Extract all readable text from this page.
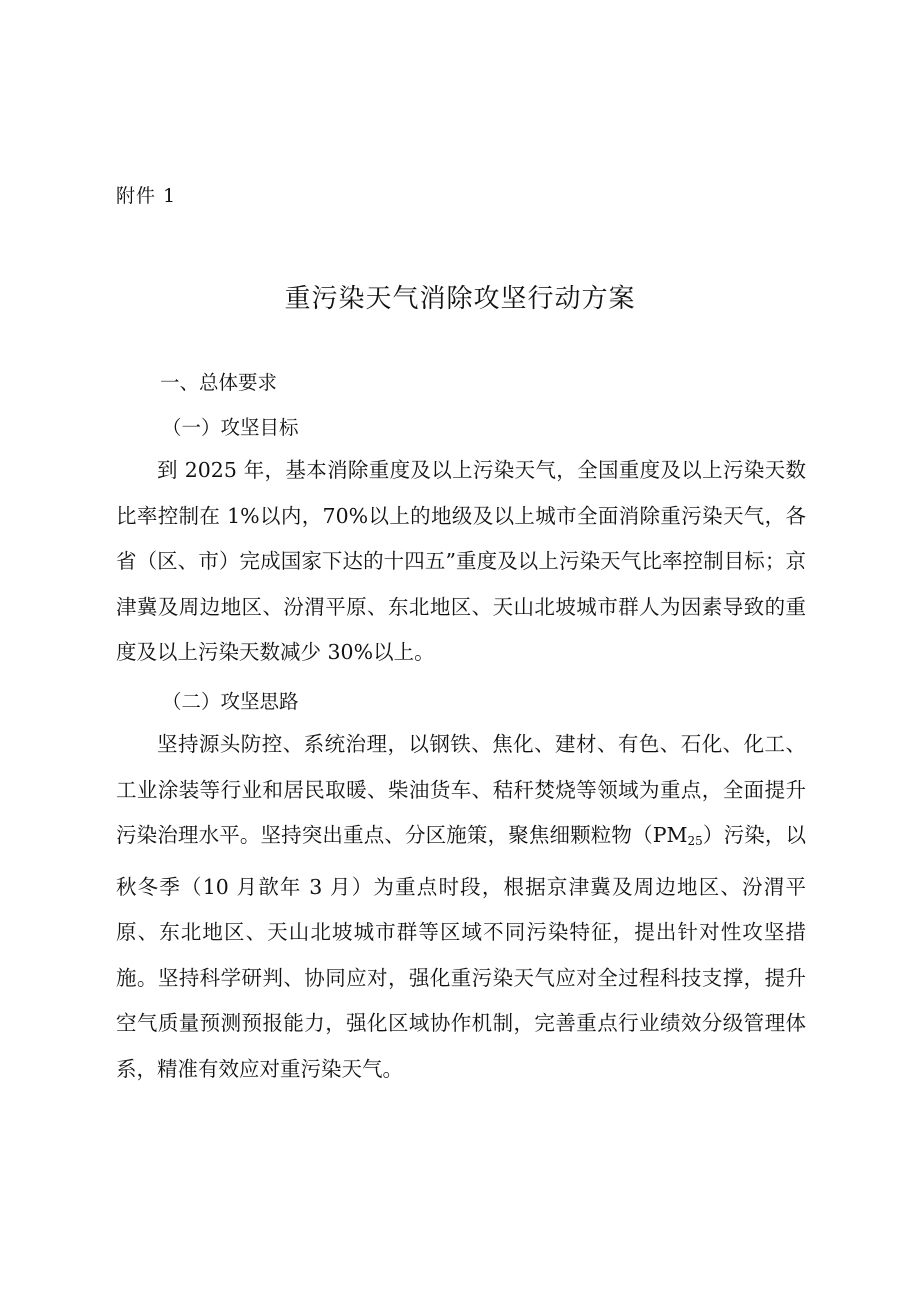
附件 1

重污染天气消除攻坚行动方案
一、总体要求
（一）攻坚目标

到 2025 年，基本消除重度及以上污染天气，全国重度及以上污染天数比率控制在 1%以内，70%以上的地级及以上城市全面消除重污染天气，各省（区、市）完成国家下达的十四五”重度及以上污染天气比率控制目标；京津冀及周边地区、汾渭平原、东北地区、天山北坡城市群人为因素导致的重度及以上污染天数减少 30%以上。

（二）攻坚思路

坚持源头防控、系统治理，以钢铁、焦化、建材、有色、石化、化工、工业涂装等行业和居民取暖、柴油货车、秸秆焚烧等领域为重点，全面提升污染治理水平。坚持突出重点、分区施策，聚焦细颗粒物$(PM_{25})$污染，以秋冬季（10 月歆年 3 月）为重点时段，根据京津冀及周边地区、汾渭平原、东北地区、天山北坡城市群等区域不同污染特征，提出针对性攻坚措施。坚持科学研判、协同应对，强化重污染天气应对全过程科技支撑，提升空气质量预测预报能力，强化区域协作机制，完善重点行业绩效分级管理体系，精准有效应对重污染天气。
